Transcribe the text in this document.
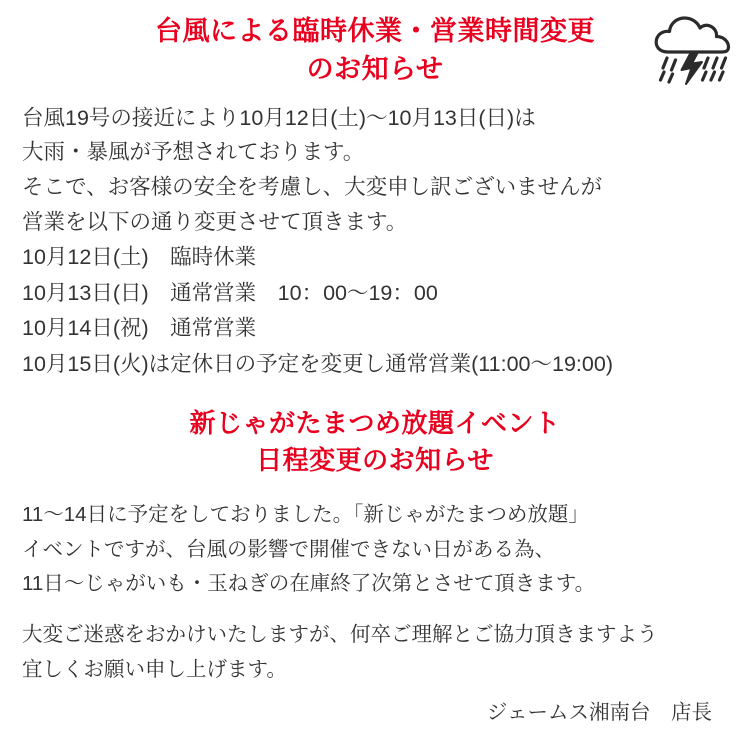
台風による臨時休業・営業時間変更
のお知らせ
台風19号の接近により10月12日(土)〜10月13日(日)は
大雨・暴風が予想されております。
そこで、お客様の安全を考慮し、大変申し訳ございませんが
営業を以下の通り変更させて頂きます。
10月12日(土)　臨時休業
10月13日(日)　通常営業　10：00〜19：00
10月14日(祝)　通常営業
10月15日(火)は定休日の予定を変更し通常営業(11:00〜19:00)
新じゃがたまつめ放題イベント
日程変更のお知らせ
11〜14日に予定をしておりました。「新じゃがたまつめ放題」
イベントですが、台風の影響で開催できない日がある為、
11日〜じゃがいも・玉ねぎの在庫終了次第とさせて頂きます。
大変ご迷惑をおかけいたしますが、何卒ご理解とご協力頂きますよう
宜しくお願い申し上げます。
ジェームス湘南台　店長
